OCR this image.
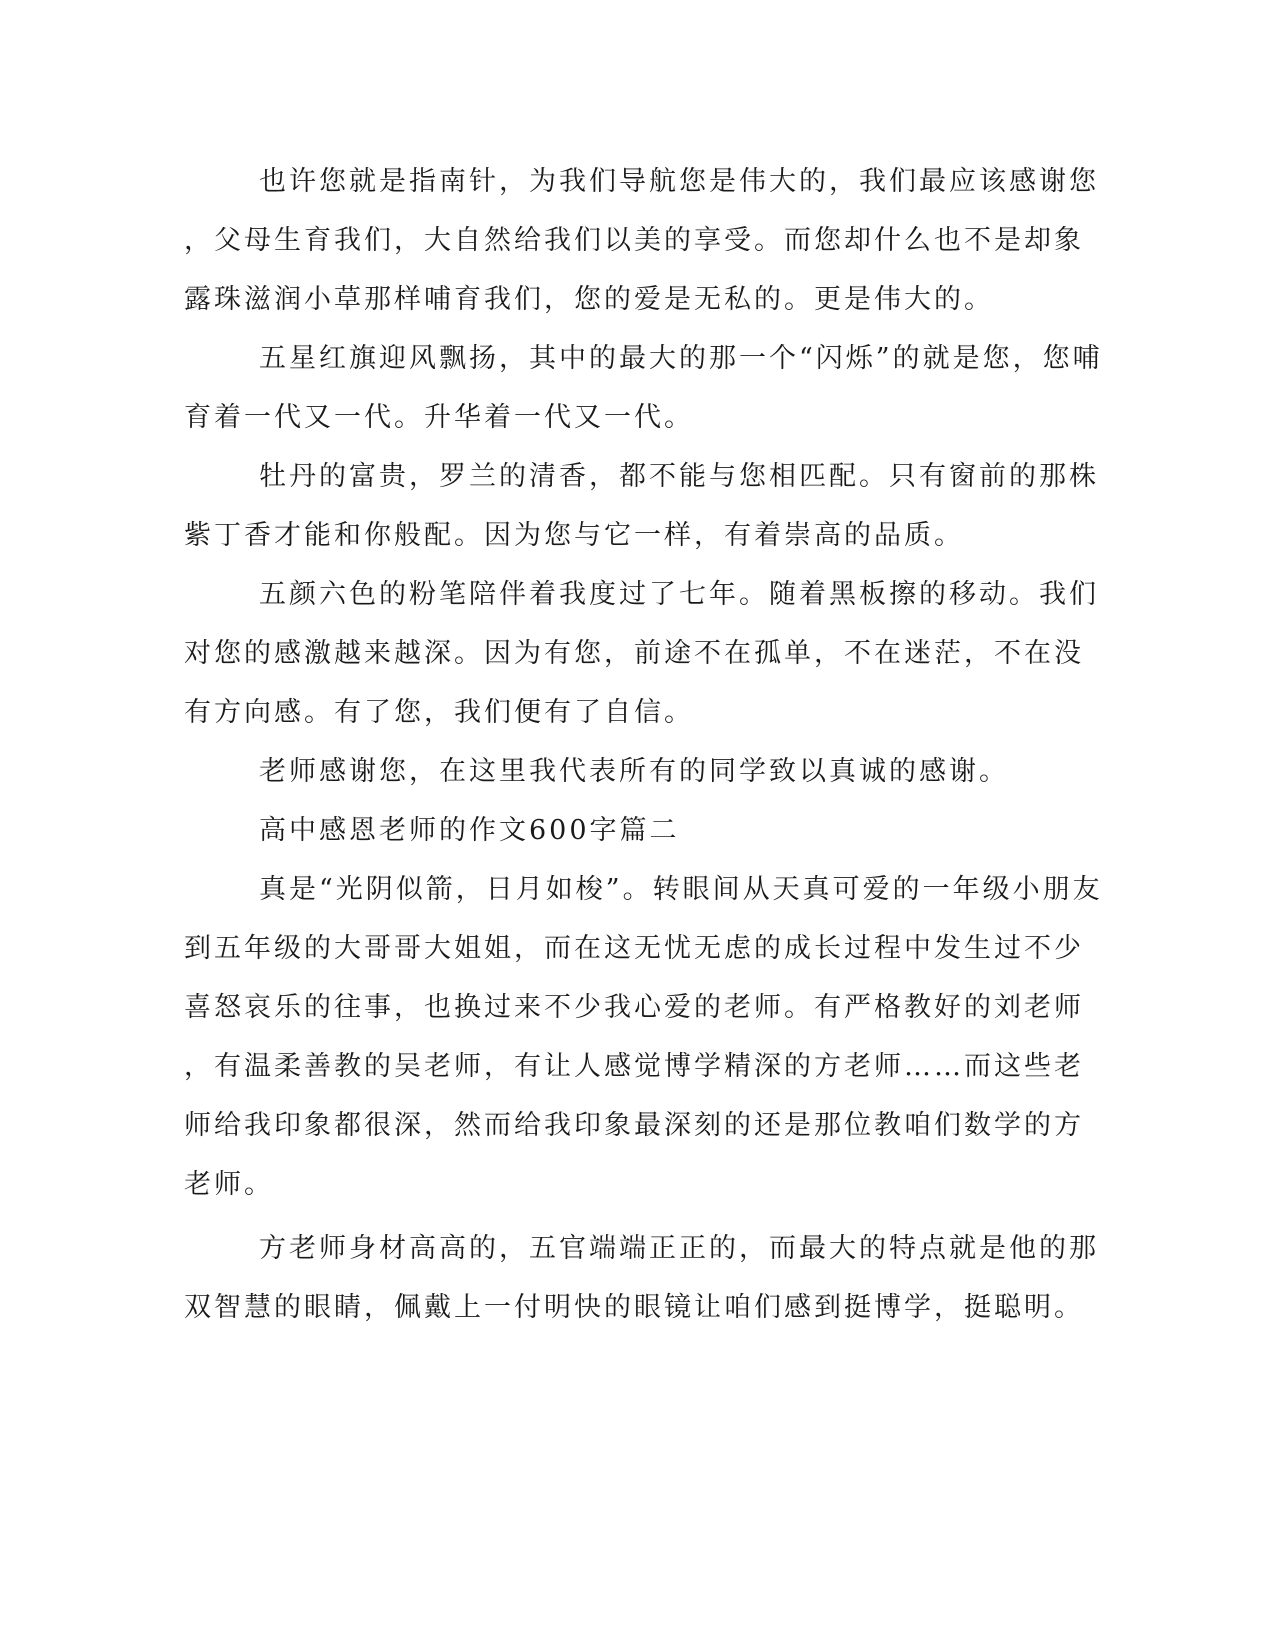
也许您就是指南针，为我们导航您是伟大的，我们最应该感谢您
，父母生育我们，大自然给我们以美的享受。而您却什么也不是却象
露珠滋润小草那样哺育我们，您的爱是无私的。更是伟大的。
五星红旗迎风飘扬，其中的最大的那一个“闪烁”的就是您，您哺
育着一代又一代。升华着一代又一代。
牡丹的富贵，罗兰的清香，都不能与您相匹配。只有窗前的那株
紫丁香才能和你般配。因为您与它一样，有着崇高的品质。
五颜六色的粉笔陪伴着我度过了七年。随着黑板擦的移动。我们
对您的感激越来越深。因为有您，前途不在孤单，不在迷茫，不在没
有方向感。有了您，我们便有了自信。
老师感谢您，在这里我代表所有的同学致以真诚的感谢。
高中感恩老师的作文600字篇二
真是“光阴似箭，日月如梭”。转眼间从天真可爱的一年级小朋友
到五年级的大哥哥大姐姐，而在这无忧无虑的成长过程中发生过不少
喜怒哀乐的往事，也换过来不少我心爱的老师。有严格教好的刘老师
，有温柔善教的吴老师，有让人感觉博学精深的方老师……而这些老
师给我印象都很深，然而给我印象最深刻的还是那位教咱们数学的方
老师。
方老师身材高高的，五官端端正正的，而最大的特点就是他的那
双智慧的眼睛，佩戴上一付明快的眼镜让咱们感到挺博学，挺聪明。
